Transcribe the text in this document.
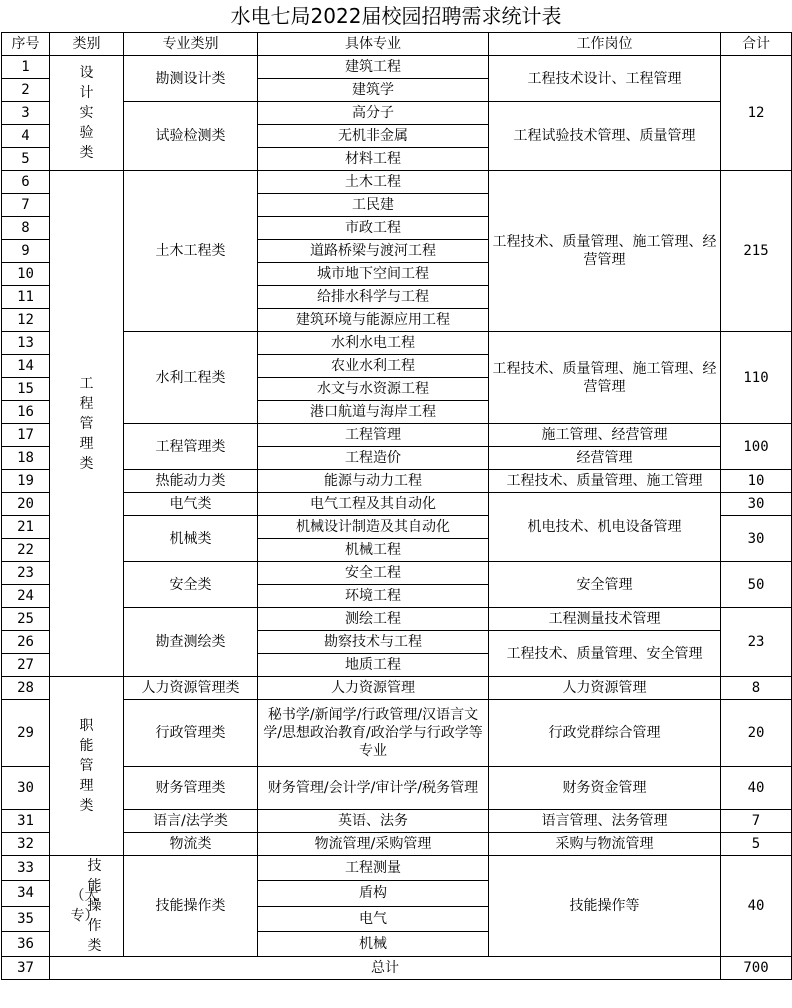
水电七局2022届校园招聘需求统计表
序号	类别	专业类别	具体专业	工作岗位	合计
1	设计实验类	勘测设计类	建筑工程	工程技术设计、工程管理	12
2			建筑学		
3		试验检测类	高分子	工程试验技术管理、质量管理	
4			无机非金属		
5			材料工程		
6	工程管理类	土木工程类	土木工程	工程技术、质量管理、施工管理、经营管理	215
7			工民建		
8			市政工程		
9			道路桥梁与渡河工程		
10			城市地下空间工程		
11			给排水科学与工程		
12			建筑环境与能源应用工程		
13		水利工程类	水利水电工程	工程技术、质量管理、施工管理、经营管理	110
14			农业水利工程		
15			水文与水资源工程		
16			港口航道与海岸工程		
17		工程管理类	工程管理	施工管理、经营管理	100
18			工程造价	经营管理	
19		热能动力类	能源与动力工程	工程技术、质量管理、施工管理	10
20		电气类	电气工程及其自动化	机电技术、机电设备管理	30
21		机械类	机械设计制造及其自动化		30
22			机械工程		
23		安全类	安全工程	安全管理	50
24			环境工程		
25		勘查测绘类	测绘工程	工程测量技术管理	23
26			勘察技术与工程	工程技术、质量管理、安全管理	
27			地质工程		
28	职能管理类	人力资源管理类	人力资源管理	人力资源管理	8
29		行政管理类	秘书学/新闻学/行政管理/汉语言文学/思想政治教育/政治学与行政学等专业	行政党群综合管理	20
30		财务管理类	财务管理/会计学/审计学/税务管理	财务资金管理	40
31		语言/法学类	英语、法务	语言管理、法务管理	7
32		物流类	物流管理/采购管理	采购与物流管理	5
33	（大专）技能操作类	技能操作类	工程测量	技能操作等	40
34			盾构		
35			电气		
36			机械		
37	总计				700
